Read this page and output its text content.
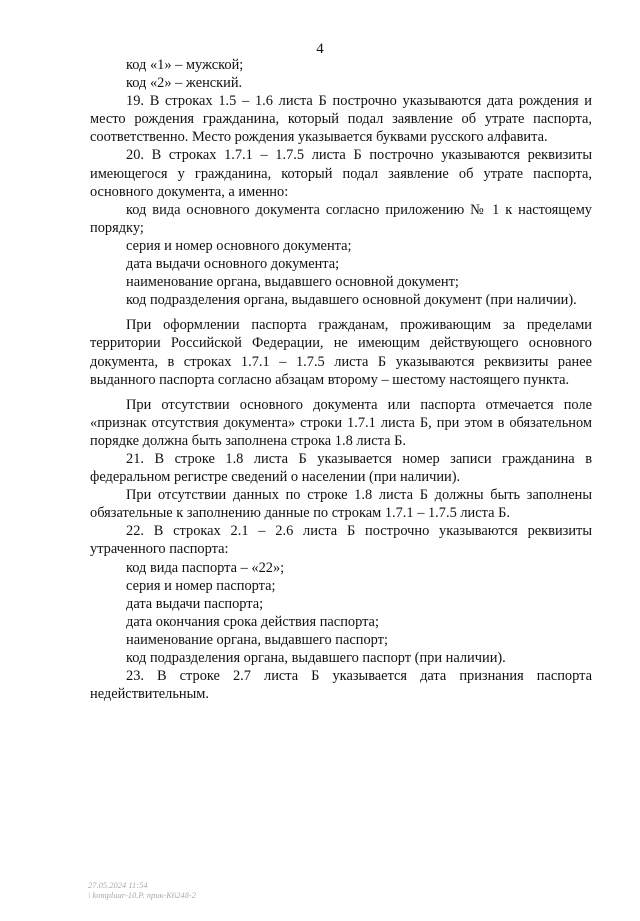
4

код «1» – мужской;

код «2» – женский.

19. В строках 1.5 – 1.6 листа Б построчно указываются дата рождения и место рождения гражданина, который подал заявление об утрате паспорта, соответственно. Место рождения указывается буквами русского алфавита.

20. В строках 1.7.1 – 1.7.5 листа Б построчно указываются реквизиты имеющегося у гражданина, который подал заявление об утрате паспорта, основного документа, а именно:

код вида основного документа согласно приложению № 1 к настоящему порядку;

серия и номер основного документа;

дата выдачи основного документа;

наименование органа, выдавшего основной документ;

код подразделения органа, выдавшего основной документ (при наличии).

При оформлении паспорта гражданам, проживающим за пределами территории Российской Федерации, не имеющим действующего основного документа, в строках 1.7.1 – 1.7.5 листа Б указываются реквизиты ранее выданного паспорта согласно абзацам второму – шестому настоящего пункта.

При отсутствии основного документа или паспорта отмечается поле «признак отсутствия документа» строки 1.7.1 листа Б, при этом в обязательном порядке должна быть заполнена строка 1.8 листа Б.

21. В строке 1.8 листа Б указывается номер записи гражданина в федеральном регистре сведений о населении (при наличии).

При отсутствии данных по строке 1.8 листа Б должны быть заполнены обязательные к заполнению данные по строкам 1.7.1 – 1.7.5 листа Б.

22. В строках 2.1 – 2.6 листа Б построчно указываются реквизиты утраченного паспорта:

код вида паспорта – «22»;

серия и номер паспорта;

дата выдачи паспорта;

дата окончания срока действия паспорта;

наименование органа, выдавшего паспорт;

код подразделения органа, выдавшего паспорт (при наличии).

23. В строке 2.7 листа Б указывается дата признания паспорта недействительным.

27.05.2024 11:54
\ kompluar-10.P. npuк-K6248-2
